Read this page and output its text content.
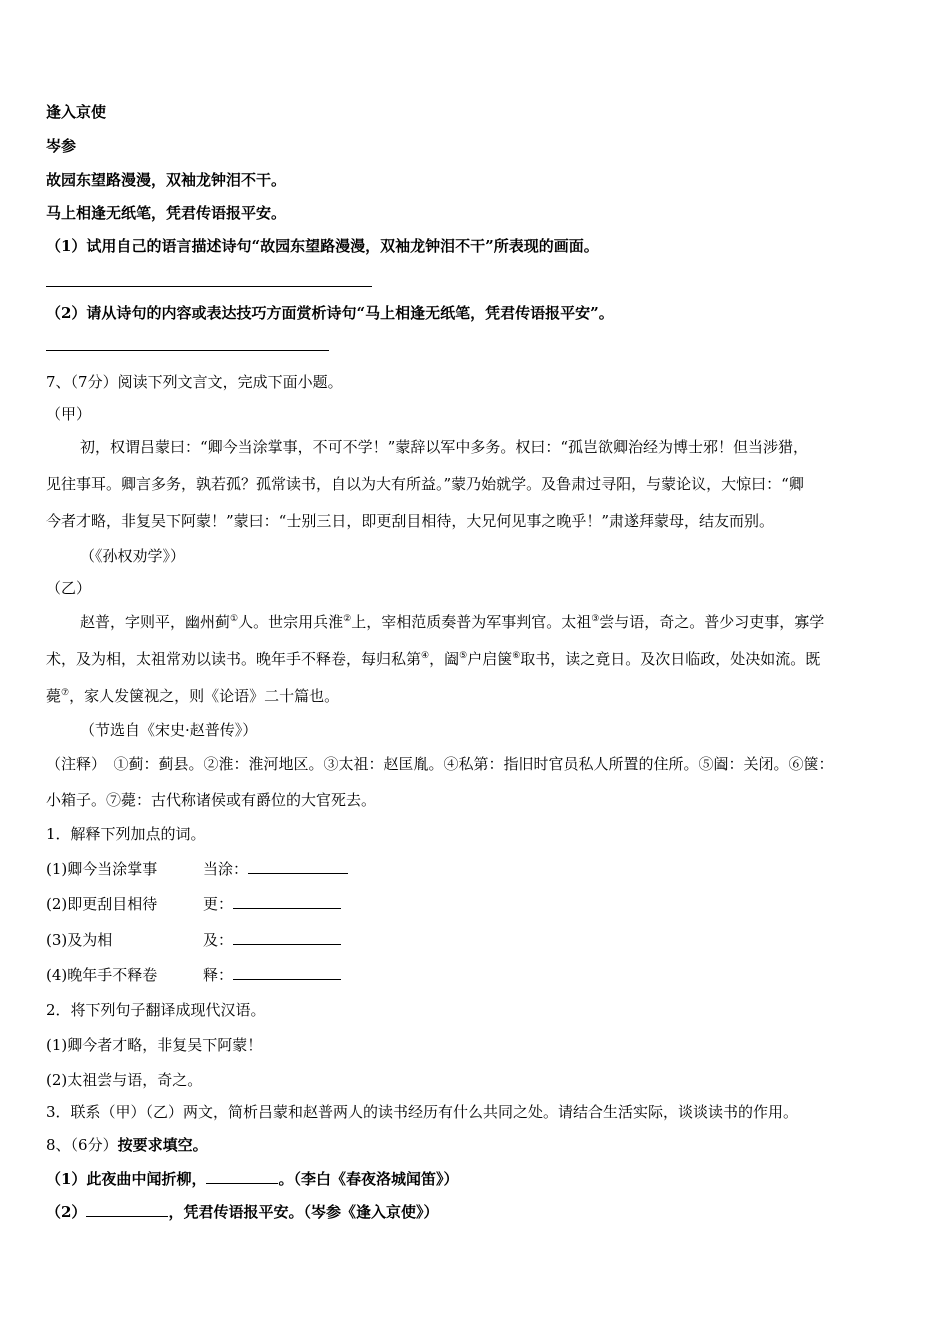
逢入京使
岑参
故园东望路漫漫，双袖龙钟泪不干。
马上相逢无纸笔，凭君传语报平安。
（1）试用自己的语言描述诗句“故园东望路漫漫，双袖龙钟泪不干”所表现的画面。
（2）请从诗句的内容或表达技巧方面赏析诗句“马上相逢无纸笔，凭君传语报平安”。
7、（7分）阅读下列文言文，完成下面小题。
（甲）
初，权谓吕蒙曰：“卿今当涂掌事，不可不学！”蒙辞以军中多务。权曰：“孤岂欲卿治经为博士邪！但当涉猎，
见往事耳。卿言多务，孰若孤？孤常读书，自以为大有所益。”蒙乃始就学。及鲁肃过寻阳，与蒙论议，大惊曰：“卿
今者才略，非复吴下阿蒙！”蒙曰：“士别三日，即更刮目相待，大兄何见事之晚乎！”肃遂拜蒙母，结友而别。
（《孙权劝学》）
（乙）
赵普，字则平，幽州蓟①人。世宗用兵淮②上，宰相范质奏普为军事判官。太祖③尝与语，奇之。普少习吏事，寡学
术，及为相，太祖常劝以读书。晚年手不释卷，每归私第④，阖⑤户启箧⑥取书，读之竟日。及次日临政，处决如流。既
薨⑦，家人发箧视之，则《论语》二十篇也。
（节选自《宋史·赵普传》）
（注释）　①蓟：蓟县。②淮：淮河地区。③太祖：赵匡胤。④私第：指旧时官员私人所置的住所。⑤阖：关闭。⑥箧：
小箱子。⑦薨：古代称诸侯或有爵位的大官死去。
1．解释下列加点的词。
(1)卿今当涂掌事	当涂：
(2)即更刮目相待	更：
(3)及为相	及：
(4)晚年手不释卷	释：
2．将下列句子翻译成现代汉语。
(1)卿今者才略，非复吴下阿蒙！
(2)太祖尝与语，奇之。
3．联系（甲）（乙）两文，简析吕蒙和赵普两人的读书经历有什么共同之处。请结合生活实际，谈谈读书的作用。
8、（6分）按要求填空。
（1）此夜曲中闻折柳，	。（李白《春夜洛城闻笛》）
（2）	，凭君传语报平安。（岑参《逢入京使》）
